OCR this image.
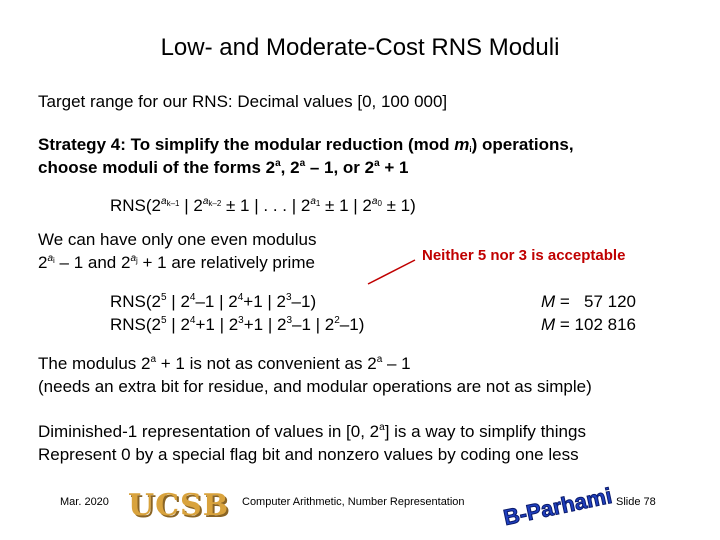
Low- and Moderate-Cost RNS Moduli
Target range for our RNS: Decimal values [0, 100 000]
Strategy 4: To simplify the modular reduction (mod $m_i$) operations,
choose moduli of the forms 2$^a$, 2$^a$ – 1, or $2^a + 1$
$RNS(2^{a_{k-1}}$ | $2^{a_{k-2}} \pm 1$ | . . . | $2^{a_1} \pm 1$ | $2^{a_0} \pm 1$)
We can have only one even modulus
$2^{a_i} - 1$ and $2^{a_j} + 1$ are relatively prime	Neither 5 nor 3 is acceptable
$RNS(2^5$ | $2^4-1$ | $2^4+1$ | $2^3-1$)	M =   57 120
$RNS(2^5$ | $2^4+1$ | $2^3+1$ | $2^3-1$ | $2^2-1$)	M = 102 816
The modulus $2^a + 1$ is not as convenient as 2$^a$ – 1
(needs an extra bit for residue, and modular operations are not as simple)
Diminished-1 representation of values in [0, 2$^a$] is a way to simplify things
Represent 0 by a special flag bit and nonzero values by coding one less
Mar. 2020 UCSB Computer Arithmetic, Number Representation B-Parhami Slide 78
